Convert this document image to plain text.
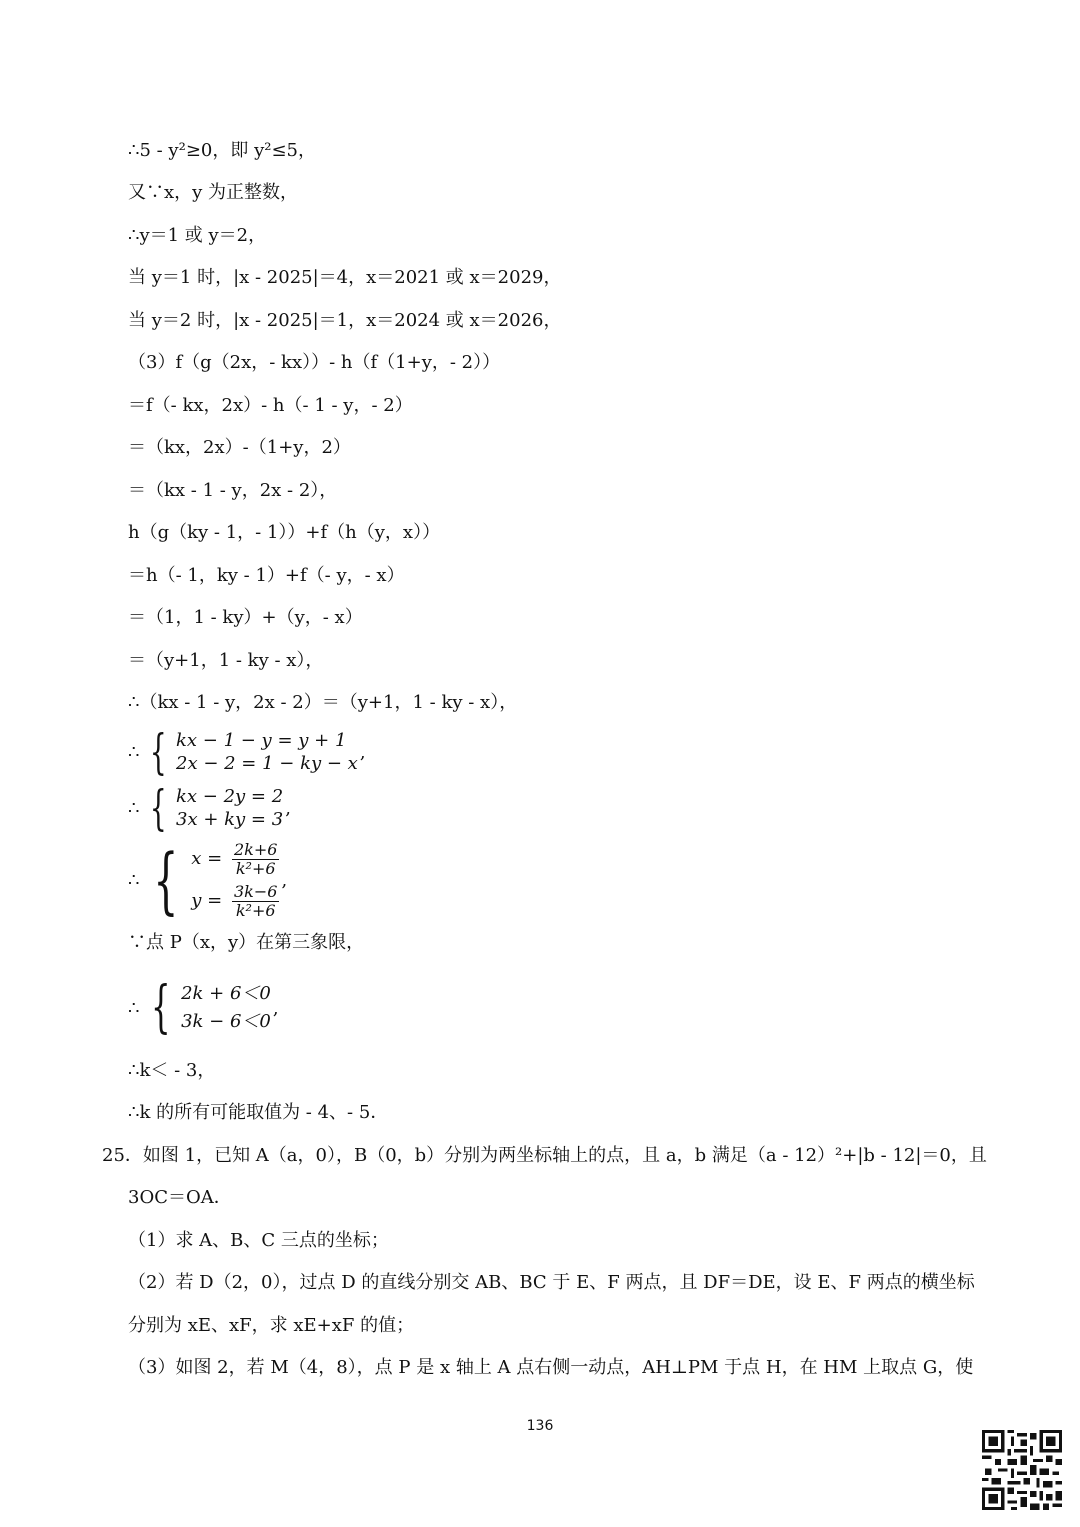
∴5 - y²≥0，即 y²≤5，
又∵x，y 为正整数，
∴y＝1 或 y＝2，
当 y＝1 时，|x - 2025|＝4，x＝2021 或 x＝2029，
当 y＝2 时，|x - 2025|＝1，x＝2024 或 x＝2026，
（3）f（g（2x，- kx））- h（f（1+y，- 2））
＝f（- kx，2x）- h（- 1 - y，- 2）
＝（kx，2x）-（1+y，2）
＝（kx - 1 - y，2x - 2），
h（g（ky - 1，- 1））+f（h（y，x））
＝h（- 1，ky - 1）+f（- y，- x）
＝（1，1 - ky）+（y，- x）
＝（y+1，1 - ky - x），
∴（kx - 1 - y，2x - 2）＝（y+1，1 - ky - x），
∴ { kx − 1 − y = y + 1
2x − 2 = 1 − ky − x
,
∴ { kx − 2y = 2
3x + ky = 3
,
∴ { $x = \frac{2k+6}{\text{k²+6}}$
$y = \frac{3k-6}{\text{k²+6}}$
,
∵点 P（x，y）在第三象限，
∴ { 2k + 6＜0
3k − 6＜0
,
∴k＜ - 3，
∴k 的所有可能取值为 - 4、- 5．
25．如图 1，已知 A（a，0），B（0，b）分别为两坐标轴上的点，且 a，b 满足（a - 12）²+|b - 12|＝0，且
3OC＝OA．
（1）求 A、B、C 三点的坐标；
（2）若 D（2，0），过点 D 的直线分别交 AB、BC 于 E、F 两点，且 DF＝DE，设 E、F 两点的横坐标
分别为 xE、xF，求 xE+xF 的值；
（3）如图 2，若 M（4，8），点 P 是 x 轴上 A 点右侧一动点，AH⊥PM 于点 H，在 HM 上取点 G，使
136
